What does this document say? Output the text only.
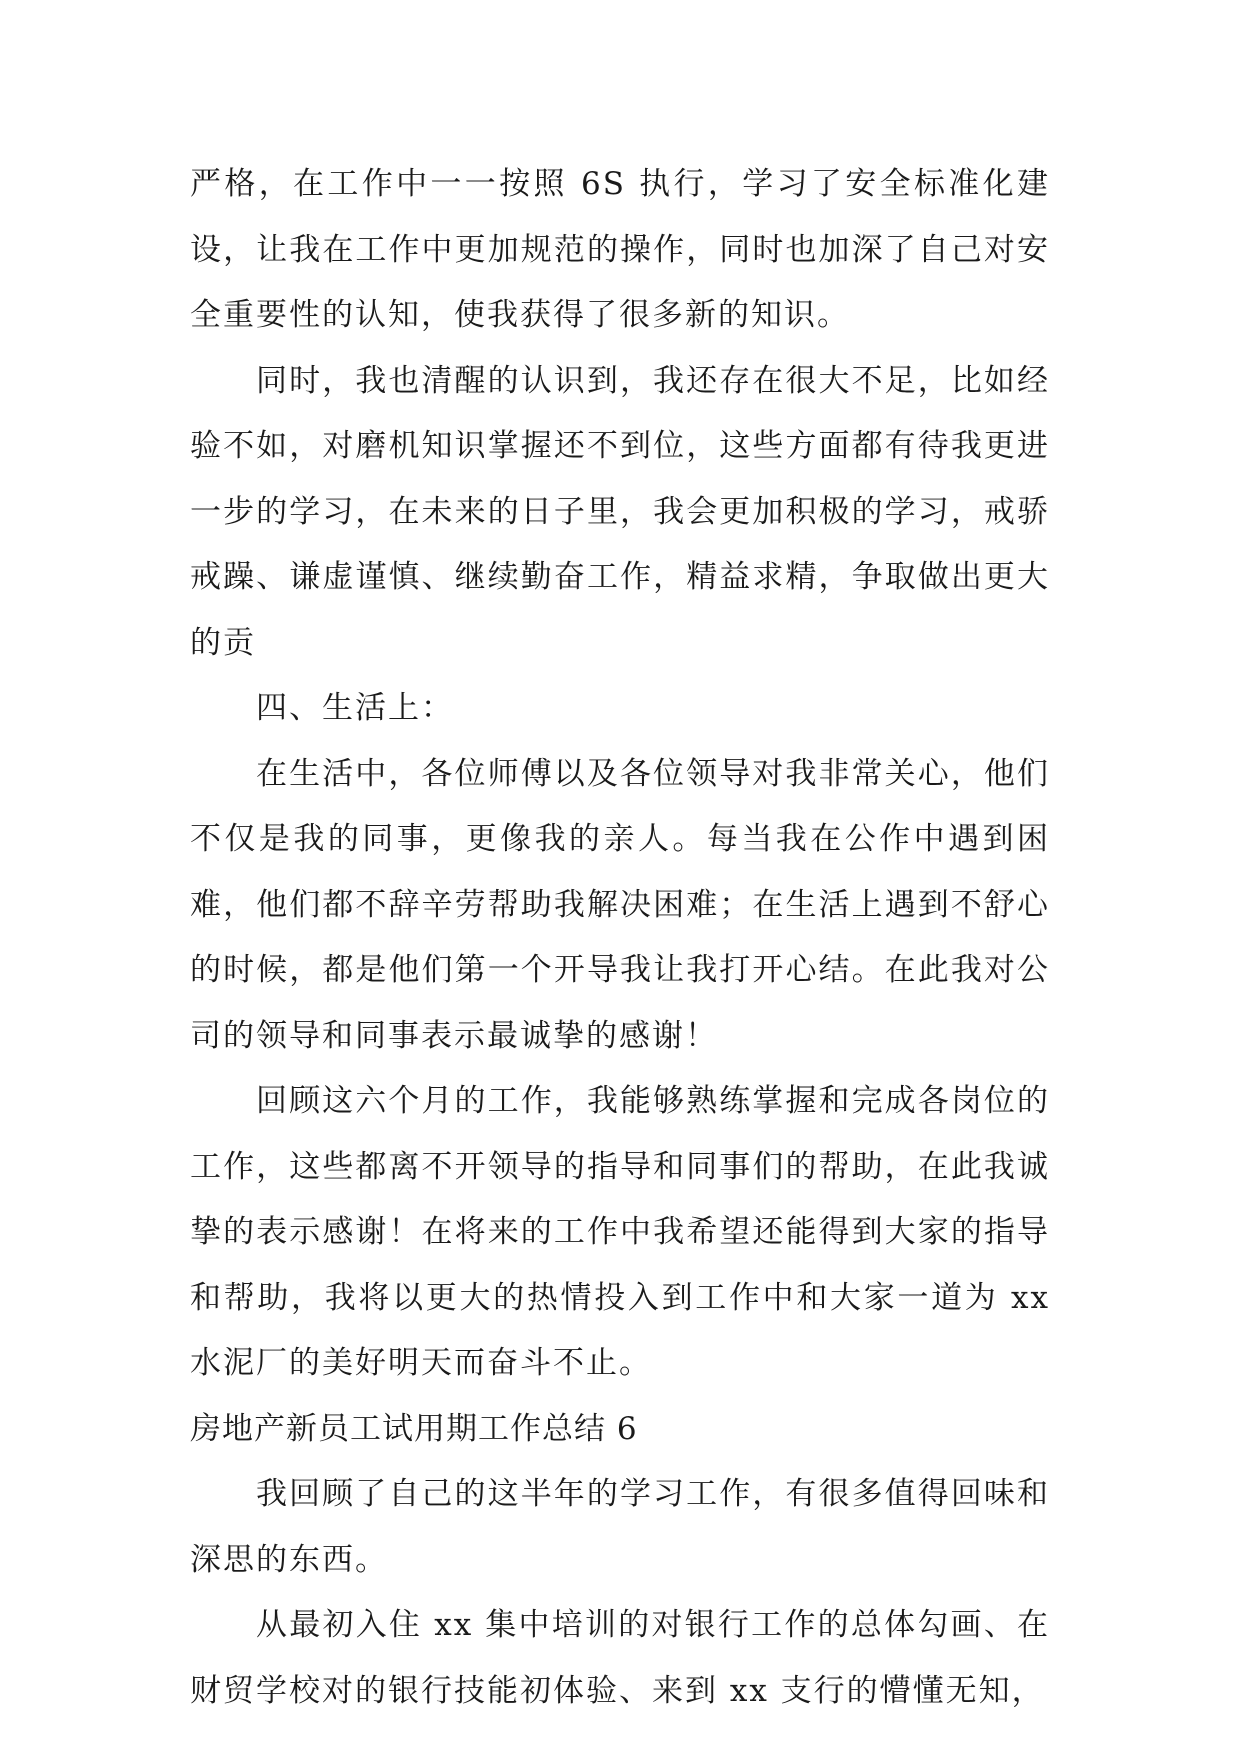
严格，在工作中一一按照 6S 执行，学习了安全标准化建设，让我在工作中更加规范的操作，同时也加深了自己对安全重要性的认知，使我获得了很多新的知识。

同时，我也清醒的认识到，我还存在很大不足，比如经验不如，对磨机知识掌握还不到位，这些方面都有待我更进一步的学习，在未来的日子里，我会更加积极的学习，戒骄戒躁、谦虚谨慎、继续勤奋工作，精益求精，争取做出更大的贡

四、生活上：

在生活中，各位师傅以及各位领导对我非常关心，他们不仅是我的同事，更像我的亲人。每当我在公作中遇到困难，他们都不辞辛劳帮助我解决困难；在生活上遇到不舒心的时候，都是他们第一个开导我让我打开心结。在此我对公司的领导和同事表示最诚挚的感谢！

回顾这六个月的工作，我能够熟练掌握和完成各岗位的工作，这些都离不开领导的指导和同事们的帮助，在此我诚挚的表示感谢！在将来的工作中我希望还能得到大家的指导和帮助，我将以更大的热情投入到工作中和大家一道为 xx 水泥厂的美好明天而奋斗不止。

房地产新员工试用期工作总结 6

我回顾了自己的这半年的学习工作，有很多值得回味和深思的东西。

从最初入住 xx 集中培训的对银行工作的总体勾画、在财贸学校对的银行技能初体验、来到 xx 支行的懵懂无知，
